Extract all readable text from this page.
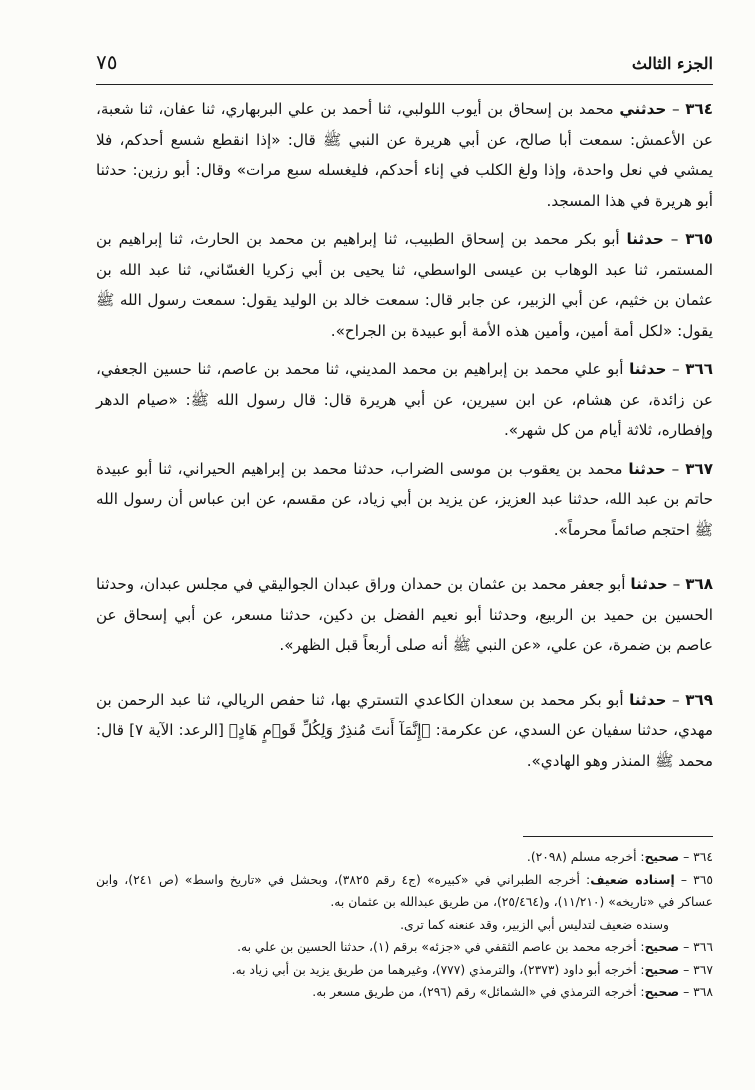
الجزء الثالث
٧٥

٣٦٤ – حدثني محمد بن إسحاق بن أيوب اللولبي، ثنا أحمد بن علي البربهاري، ثنا عفان، ثنا شعبة، عن الأعمش: سمعت أبا صالح، عن أبي هريرة عن النبي ﷺ قال: «إذا انقطع شسع أحدكم، فلا يمشي في نعل واحدة، وإذا ولغ الكلب في إناء أحدكم، فليغسله سبع مرات» وقال: أبو رزين: حدثنا أبو هريرة في هذا المسجد.

٣٦٥ – حدثنا أبو بكر محمد بن إسحاق الطبيب، ثنا إبراهيم بن محمد بن الحارث، ثنا إبراهيم بن المستمر، ثنا عبد الوهاب بن عيسى الواسطي، ثنا يحيى بن أبي زكريا الغسّاني، ثنا عبد الله بن عثمان بن خثيم، عن أبي الزبير، عن جابر قال: سمعت خالد بن الوليد يقول: سمعت رسول الله ﷺ يقول: «لكل أمة أمين، وأمين هذه الأمة أبو عبيدة بن الجراح».

٣٦٦ – حدثنا أبو علي محمد بن إبراهيم بن محمد المديني، ثنا محمد بن عاصم، ثنا حسين الجعفي، عن زائدة، عن هشام، عن ابن سيرين، عن أبي هريرة قال: قال رسول الله ﷺ: «صيام الدهر وإفطاره، ثلاثة أيام من كل شهر».

٣٦٧ – حدثنا محمد بن يعقوب بن موسى الضراب، حدثنا محمد بن إبراهيم الحيراني، ثنا أبو عبيدة حاتم بن عبد الله، حدثنا عبد العزيز، عن يزيد بن أبي زياد، عن مقسم، عن ابن عباس أن رسول الله ﷺ احتجم صائماً محرماً».

٣٦٨ – حدثنا أبو جعفر محمد بن عثمان بن حمدان وراق عبدان الجواليقي في مجلس عبدان، وحدثنا الحسين بن حميد بن الربيع، وحدثنا أبو نعيم الفضل بن دكين، حدثنا مسعر، عن أبي إسحاق عن عاصم بن ضمرة، عن علي، «عن النبي ﷺ أنه صلى أربعاً قبل الظهر».

٣٦٩ – حدثنا أبو بكر محمد بن سعدان الكاعدي التستري بها، ثنا حفص الريالي، ثنا عبد الرحمن بن مهدي، حدثنا سفيان عن السدي، عن عكرمة: ﴿إِنَّمَآ أَنتَ مُنذِرٌ وَلِكُلِّ قَوۡمٍ هَادٍ﴾ [الرعد: الآية ٧] قال: محمد ﷺ المنذر وهو الهادي».

٣٦٤ – صحيح: أخرجه مسلم (٢٠٩٨).

٣٦٥ – إسناده ضعيف: أخرجه الطبراني في «كبيره» (ج٤ رقم ٣٨٢٥)، وبحشل في «تاريخ واسط» (ص ٢٤١)، وابن عساكر في «تاريخه» (١١/٢١٠)، و(٢٥/٤٦٤)، من طريق عبدالله بن عثمان به.

وسنده ضعيف لتدليس أبي الزبير، وقد عنعنه كما ترى.

٣٦٦ – صحيح: أخرجه محمد بن عاصم الثقفي في «جزئه» برقم (١)، حدثنا الحسين بن علي به.

٣٦٧ – صحيح: أخرجه أبو داود (٢٣٧٣)، والترمذي (٧٧٧)، وغيرهما من طريق يزيد بن أبي زياد به.

٣٦٨ – صحيح: أخرجه الترمذي في «الشمائل» رقم (٢٩٦)، من طريق مسعر به.
